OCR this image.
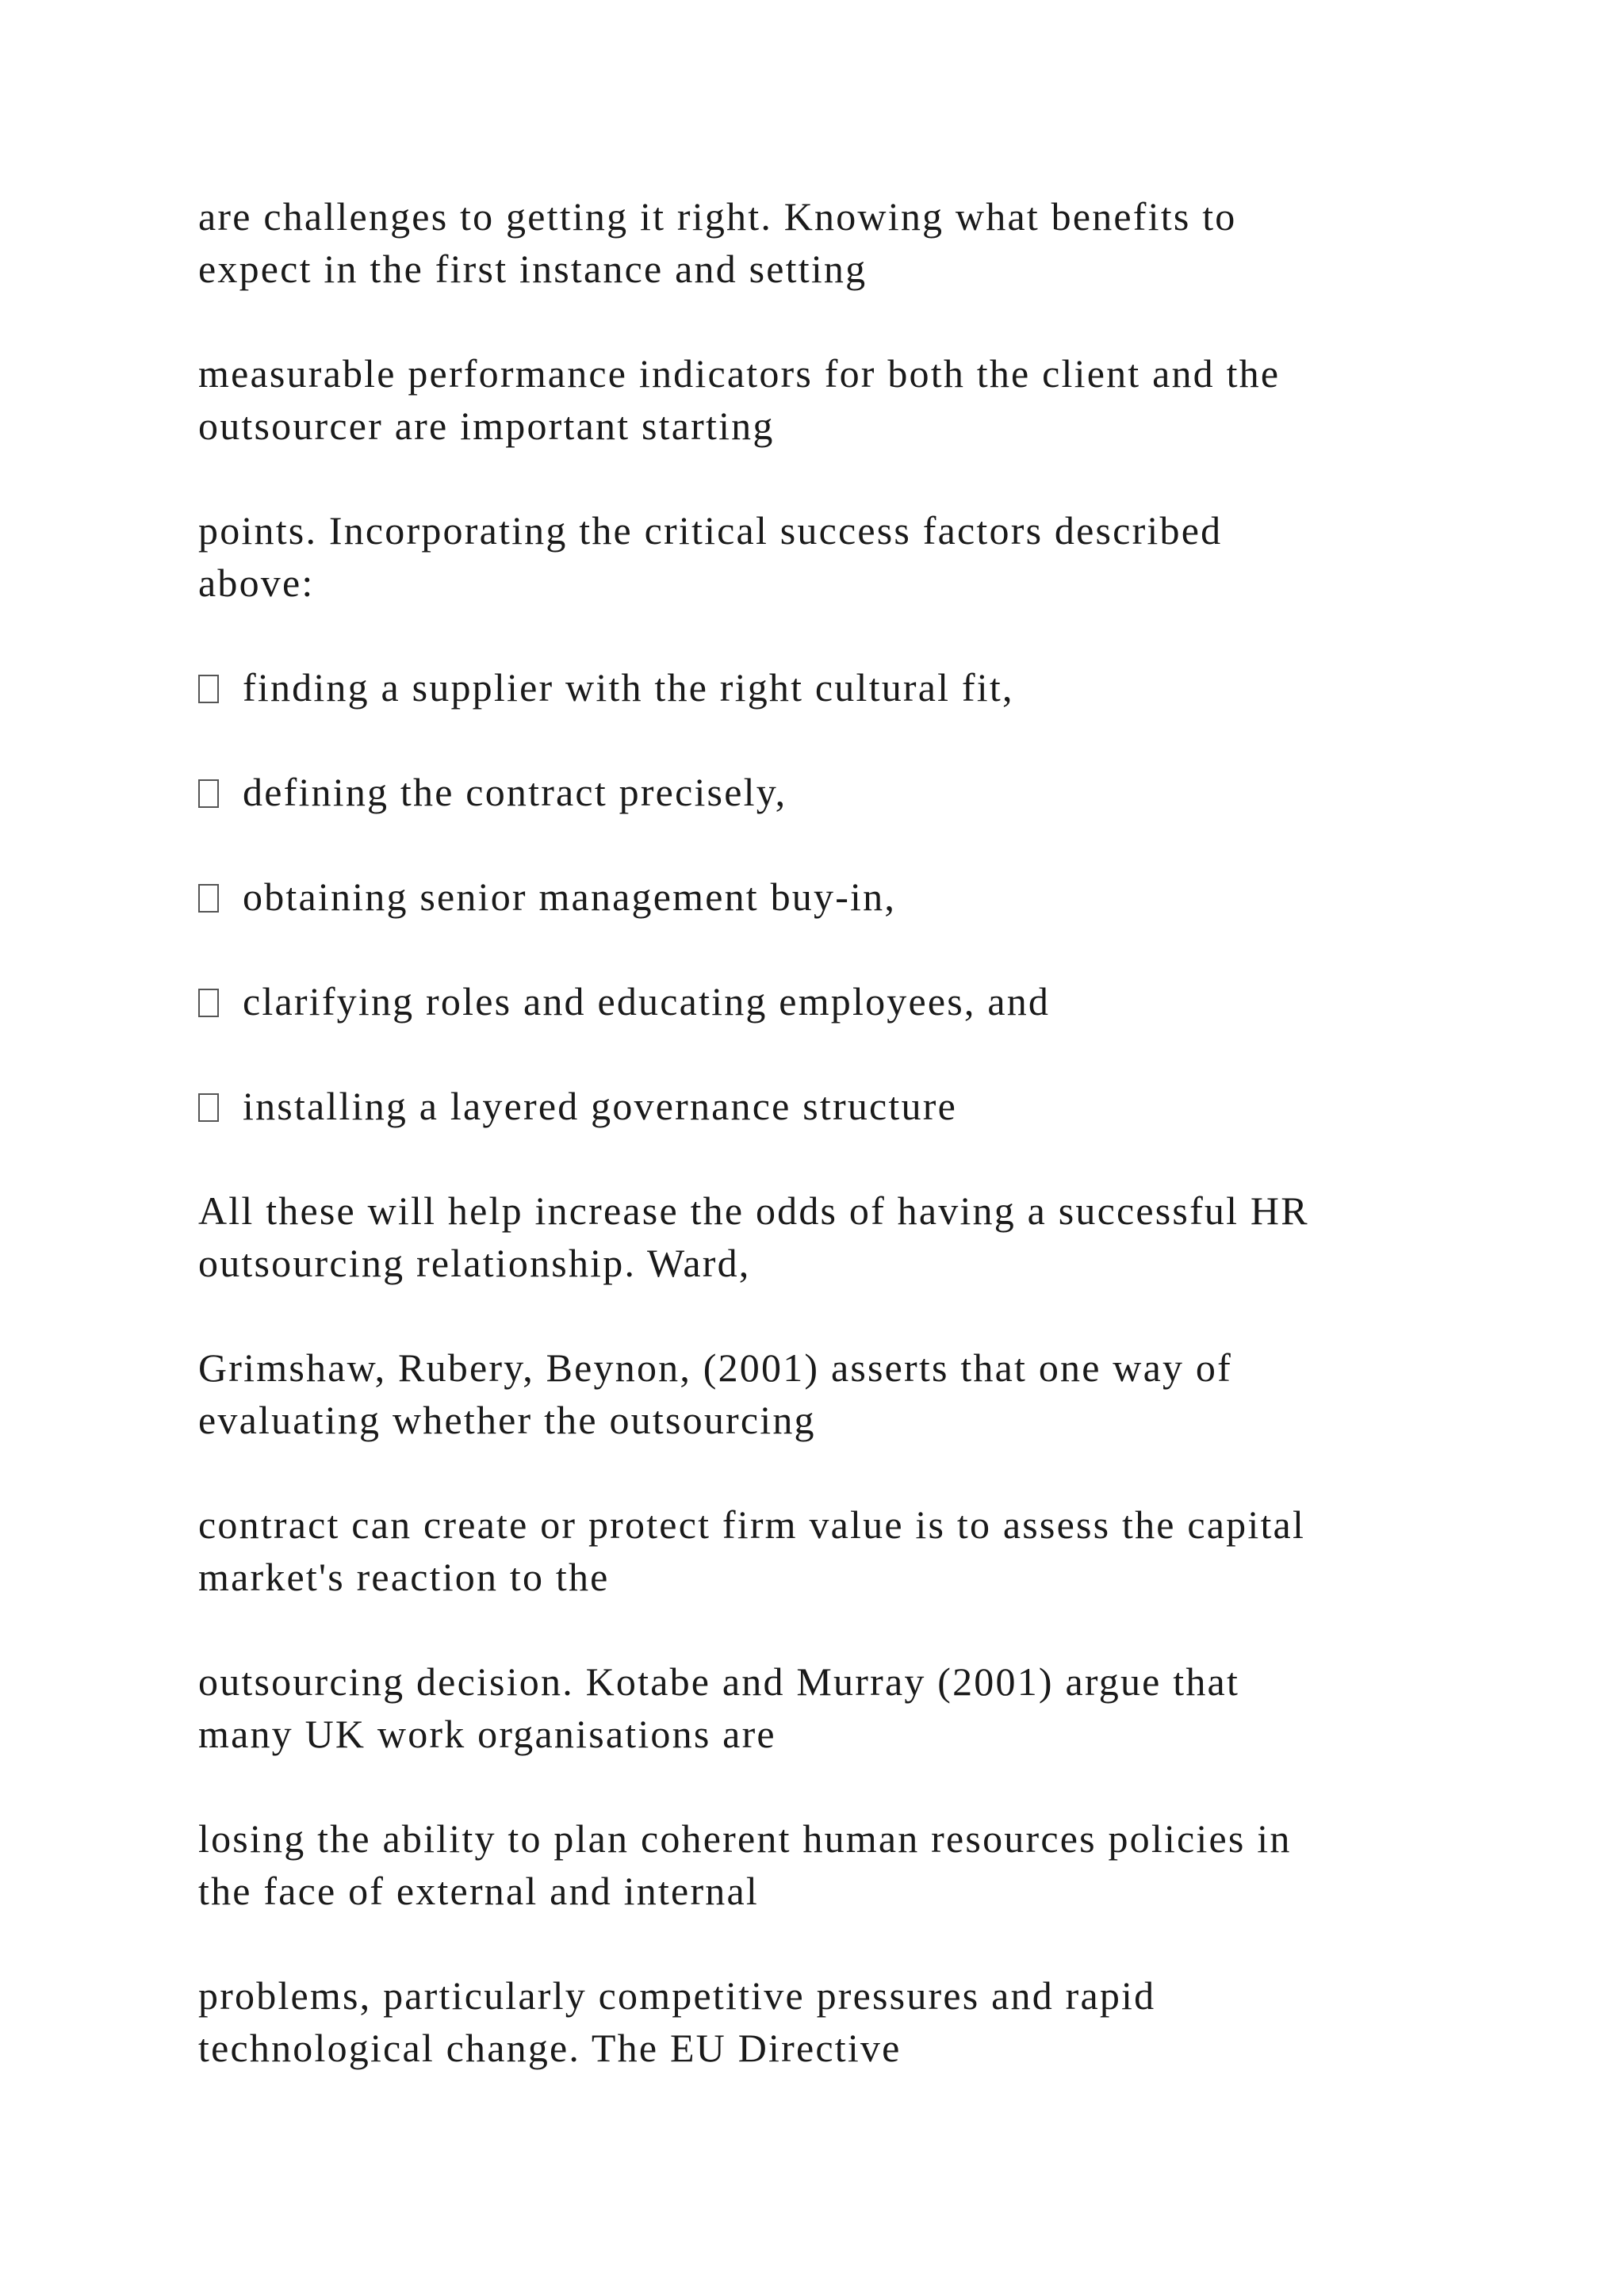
are challenges to getting it right. Knowing what benefits to
expect in the first instance and setting

measurable performance indicators for both the client and the
outsourcer are important starting

points. Incorporating the critical success factors described
above:

finding a supplier with the right cultural fit,
defining the contract precisely,
obtaining senior management buy-in,
clarifying roles and educating employees, and
installing a layered governance structure

All these will help increase the odds of having a successful HR
outsourcing relationship. Ward,

Grimshaw, Rubery, Beynon, (2001) asserts that one way of
evaluating whether the outsourcing

contract can create or protect firm value is to assess the capital
market's reaction to the

outsourcing decision. Kotabe and Murray (2001) argue that
many UK work organisations are

losing the ability to plan coherent human resources policies in
the face of external and internal

problems, particularly competitive pressures and rapid
technological change. The EU Directive
